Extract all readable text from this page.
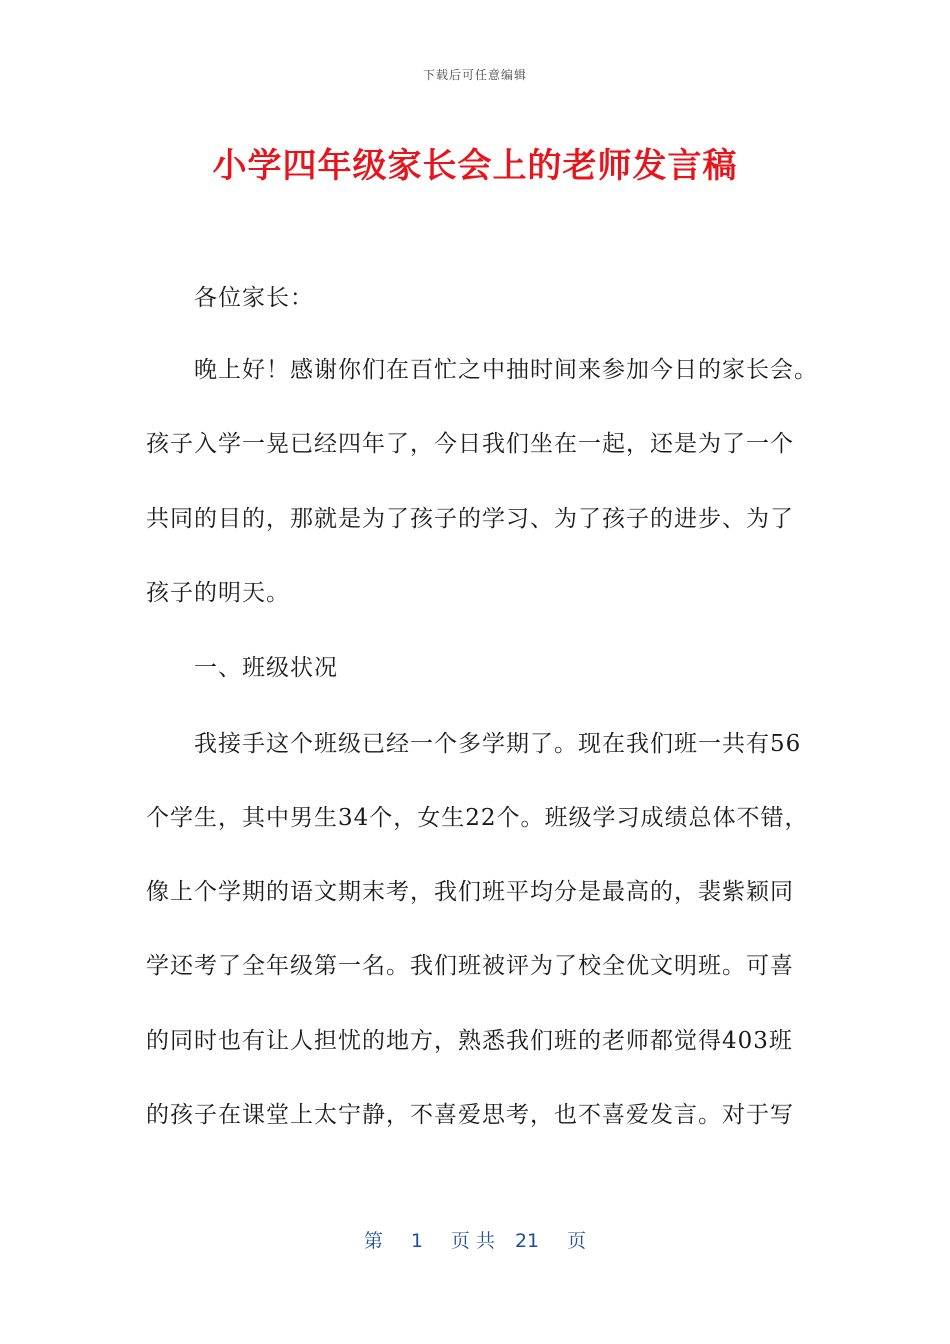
下载后可任意编辑
小学四年级家长会上的老师发言稿
各位家长：
晚上好！感谢你们在百忙之中抽时间来参加今日的家长会。
孩子入学一晃已经四年了，今日我们坐在一起，还是为了一个
共同的目的，那就是为了孩子的学习、为了孩子的进步、为了
孩子的明天。
一、班级状况
我接手这个班级已经一个多学期了。现在我们班一共有56
个学生，其中男生34个，女生22个。班级学习成绩总体不错，
像上个学期的语文期末考，我们班平均分是最高的，裴紫颖同
学还考了全年级第一名。我们班被评为了校全优文明班。可喜
的同时也有让人担忧的地方，熟悉我们班的老师都觉得403班
的孩子在课堂上太宁静，不喜爱思考，也不喜爱发言。对于写
第 1 页 共 21 页
